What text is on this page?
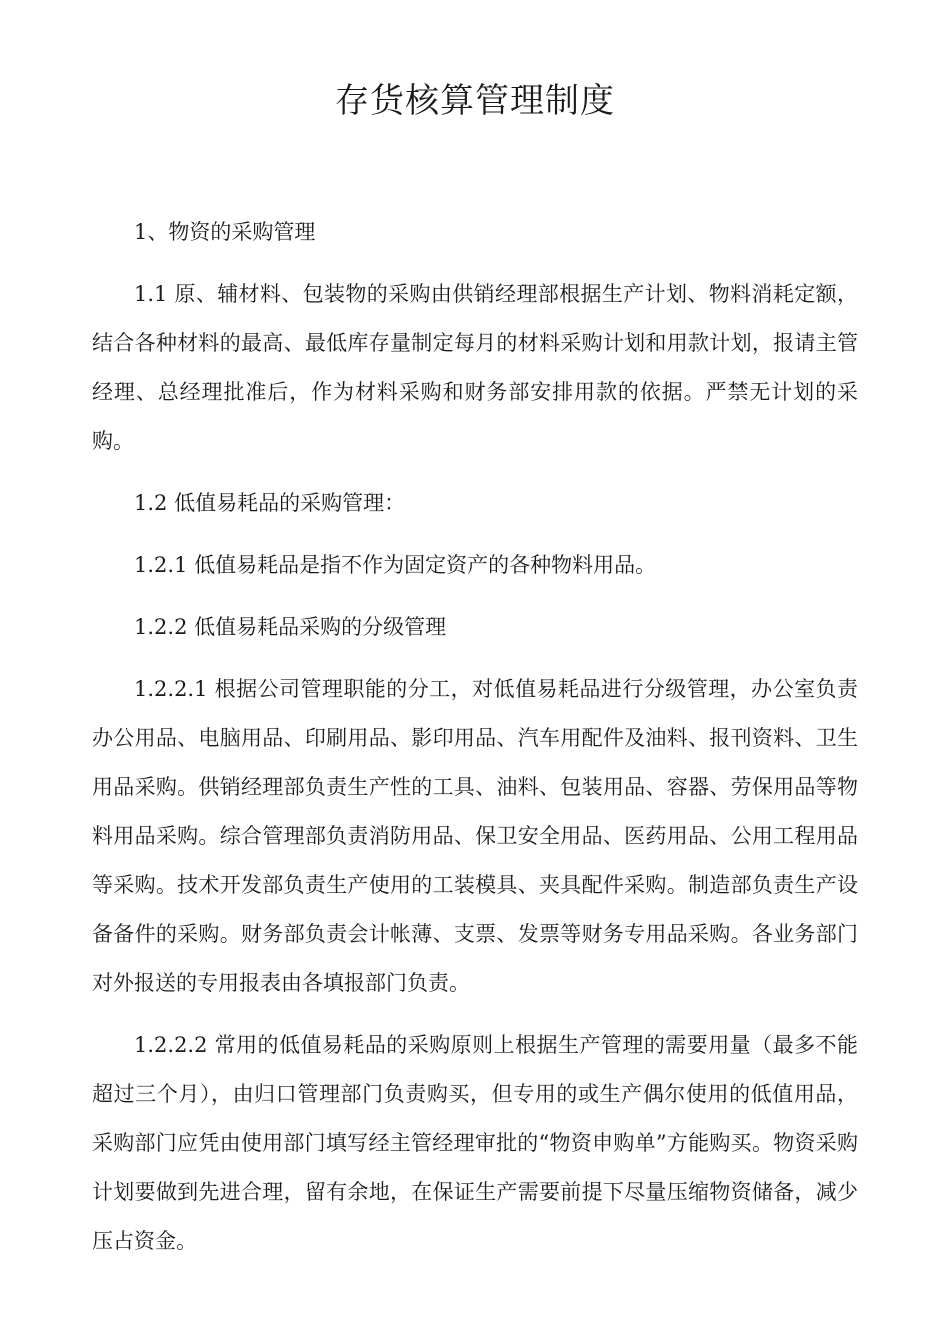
存货核算管理制度

1、物资的采购管理

1.1 原、辅材料、包装物的采购由供销经理部根据生产计划、物料消耗定额，结合各种材料的最高、最低库存量制定每月的材料采购计划和用款计划，报请主管经理、总经理批准后，作为材料采购和财务部安排用款的依据。严禁无计划的采购。

1.2 低值易耗品的采购管理：

1.2.1 低值易耗品是指不作为固定资产的各种物料用品。

1.2.2 低值易耗品采购的分级管理

1.2.2.1 根据公司管理职能的分工，对低值易耗品进行分级管理，办公室负责办公用品、电脑用品、印刷用品、影印用品、汽车用配件及油料、报刊资料、卫生用品采购。供销经理部负责生产性的工具、油料、包装用品、容器、劳保用品等物料用品采购。综合管理部负责消防用品、保卫安全用品、医药用品、公用工程用品等采购。技术开发部负责生产使用的工装模具、夹具配件采购。制造部负责生产设备备件的采购。财务部负责会计帐薄、支票、发票等财务专用品采购。各业务部门对外报送的专用报表由各填报部门负责。

1.2.2.2 常用的低值易耗品的采购原则上根据生产管理的需要用量（最多不能超过三个月），由归口管理部门负责购买，但专用的或生产偶尔使用的低值用品，采购部门应凭由使用部门填写经主管经理审批的“物资申购单”方能购买。物资采购计划要做到先进合理，留有余地，在保证生产需要前提下尽量压缩物资储备，减少压占资金。
